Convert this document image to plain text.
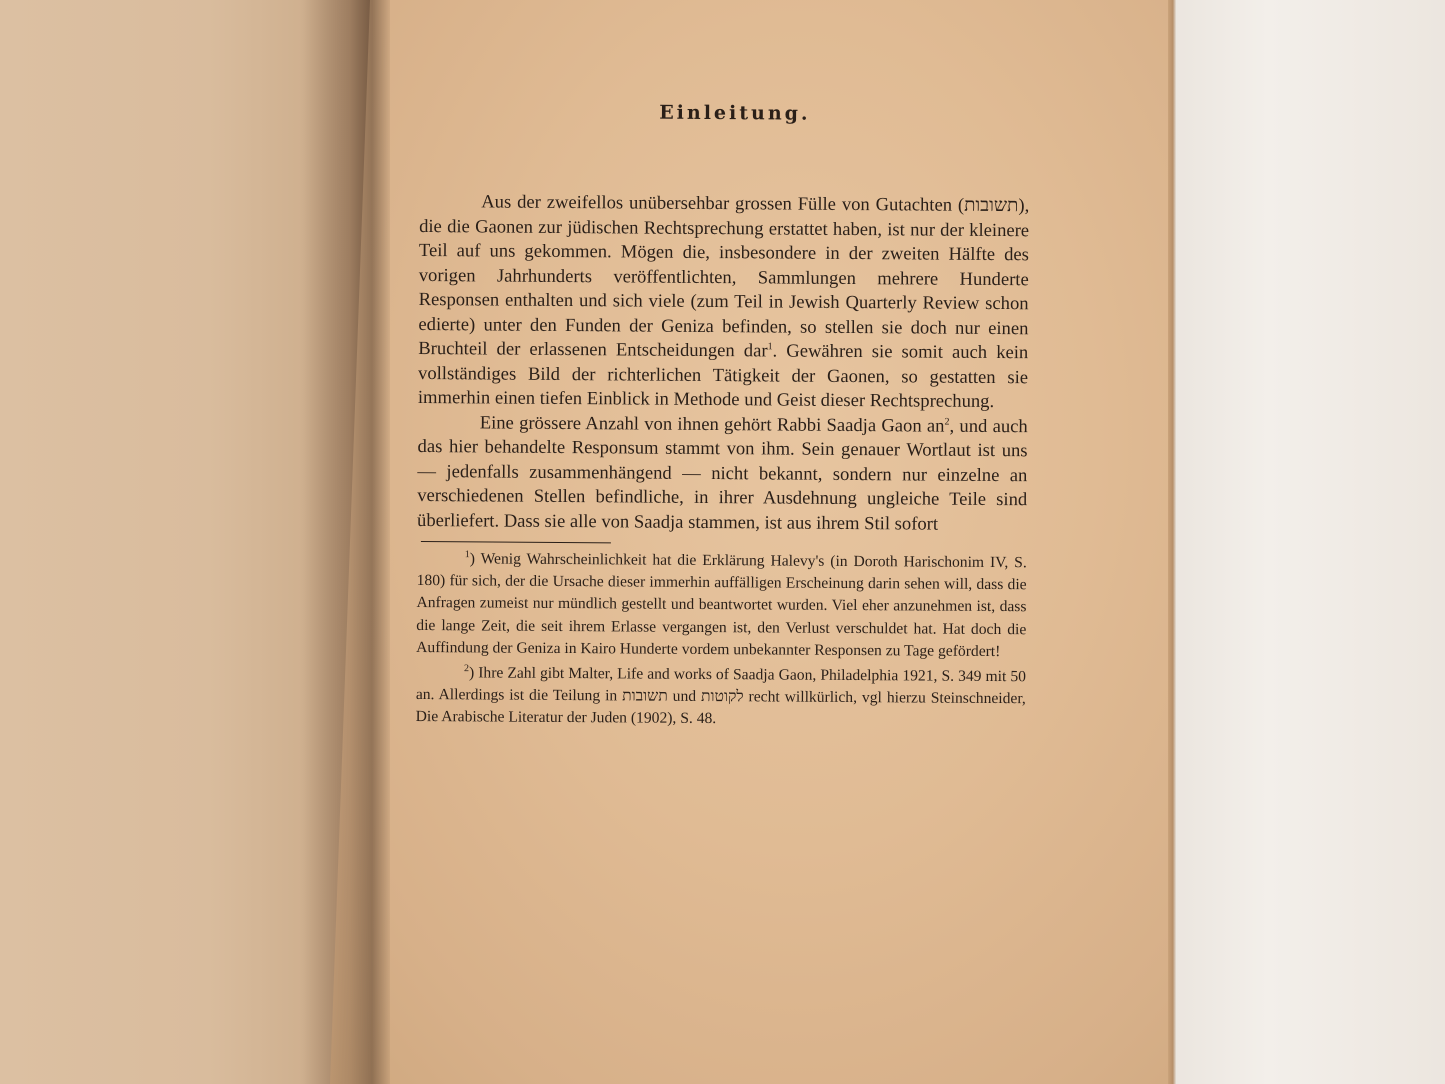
Einleitung.

Aus der zweifellos unübersehbar grossen Fülle von Gutachten (תשובות), die die Gaonen zur jüdischen Rechtsprechung erstattet haben, ist nur der kleinere Teil auf uns gekommen. Mögen die, insbesondere in der zweiten Hälfte des vorigen Jahrhunderts veröffentlichten, Sammlungen mehrere Hunderte Responsen enthalten und sich viele (zum Teil in Jewish Quarterly Review schon edierte) unter den Funden der Geniza befinden, so stellen sie doch nur einen Bruchteil der erlassenen Entscheidungen dar$^1$. Gewähren sie somit auch kein vollständiges Bild der richterlichen Tätigkeit der Gaonen, so gestatten sie immerhin einen tiefen Einblick in Methode und Geist dieser Rechtsprechung.

Eine grössere Anzahl von ihnen gehört Rabbi Saadja Gaon $an^2$, und auch das hier behandelte Responsum stammt von ihm. Sein genauer Wortlaut ist uns — jedenfalls zusammenhängend — nicht bekannt, sondern nur einzelne an verschiedenen Stellen befindliche, in ihrer Ausdehnung ungleiche Teile sind überliefert. Dass sie alle von Saadja stammen, ist aus ihrem Stil sofort

$^1$) Wenig Wahrscheinlichkeit hat die Erklärung Halevy's (in Doroth Harischonim IV, S. 180) für sich, der die Ursache dieser immerhin auffälligen Erscheinung darin sehen will, dass die Anfragen zumeist nur mündlich gestellt und beantwortet wurden. Viel eher anzunehmen ist, dass die lange Zeit, die seit ihrem Erlasse vergangen ist, den Verlust verschuldet hat. Hat doch die Auffindung der Geniza in Kairo Hunderte vordem unbekannter Responsen zu Tage gefördert!

$^2$) Ihre Zahl gibt Malter, Life and works of Saadja Gaon, Philadelphia 1921, S. 349 mit 50 an. Allerdings ist die Teilung in תשובות und לקוטות recht willkürlich, vgl hierzu Steinschneider, Die Arabische Literatur der Juden (1902), S. 48.
